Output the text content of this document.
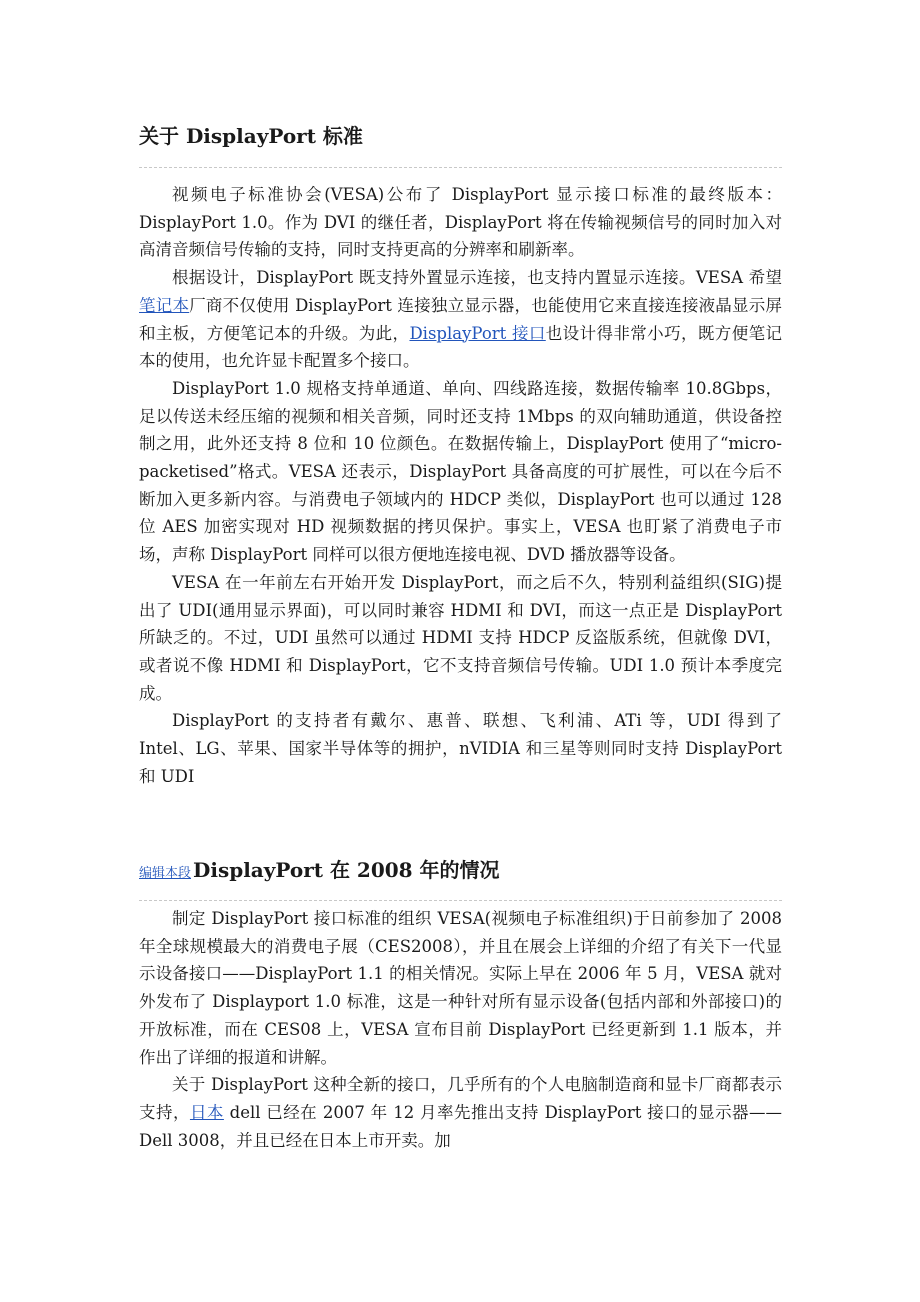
关于 DisplayPort 标准

视频电子标准协会(VESA)公布了 DisplayPort 显示接口标准的最终版本：DisplayPort 1.0。作为 DVI 的继任者，DisplayPort 将在传输视频信号的同时加入对高清音频信号传输的支持，同时支持更高的分辨率和刷新率。

根据设计，DisplayPort 既支持外置显示连接，也支持内置显示连接。VESA 希望笔记本厂商不仅使用 DisplayPort 连接独立显示器，也能使用它来直接连接液晶显示屏和主板，方便笔记本的升级。为此，DisplayPort 接口也设计得非常小巧，既方便笔记本的使用，也允许显卡配置多个接口。

DisplayPort 1.0 规格支持单通道、单向、四线路连接，数据传输率 10.8Gbps，足以传送未经压缩的视频和相关音频，同时还支持 1Mbps 的双向辅助通道，供设备控制之用，此外还支持 8 位和 10 位颜色。在数据传输上，DisplayPort 使用了“micro-packetised”格式。VESA 还表示，DisplayPort 具备高度的可扩展性，可以在今后不断加入更多新内容。与消费电子领域内的 HDCP 类似，DisplayPort 也可以通过 128 位 AES 加密实现对 HD 视频数据的拷贝保护。事实上，VESA 也盯紧了消费电子市场，声称 DisplayPort 同样可以很方便地连接电视、DVD 播放器等设备。

VESA 在一年前左右开始开发 DisplayPort，而之后不久，特别利益组织(SIG)提出了 UDI(通用显示界面)，可以同时兼容 HDMI 和 DVI，而这一点正是 DisplayPort 所缺乏的。不过，UDI 虽然可以通过 HDMI 支持 HDCP 反盗版系统，但就像 DVI，或者说不像 HDMI 和 DisplayPort，它不支持音频信号传输。UDI 1.0 预计本季度完成。

DisplayPort 的支持者有戴尔、惠普、联想、飞利浦、ATi 等，UDI 得到了 Intel、LG、苹果、国家半导体等的拥护，nVIDIA 和三星等则同时支持 DisplayPort 和 UDI

编辑本段 DisplayPort 在 2008 年的情况

制定 DisplayPort 接口标准的组织 VESA(视频电子标准组织)于日前参加了 2008 年全球规模最大的消费电子展（CES2008），并且在展会上详细的介绍了有关下一代显示设备接口——DisplayPort 1.1 的相关情况。实际上早在 2006 年 5 月，VESA 就对外发布了 Displayport 1.0 标准，这是一种针对所有显示设备(包括内部和外部接口)的开放标准，而在 CES08 上，VESA 宣布目前 DisplayPort 已经更新到 1.1 版本，并作出了详细的报道和讲解。

关于 DisplayPort 这种全新的接口，几乎所有的个人电脑制造商和显卡厂商都表示支持，日本 dell 已经在 2007 年 12 月率先推出支持 DisplayPort 接口的显示器——Dell 3008，并且已经在日本上市开卖。加
